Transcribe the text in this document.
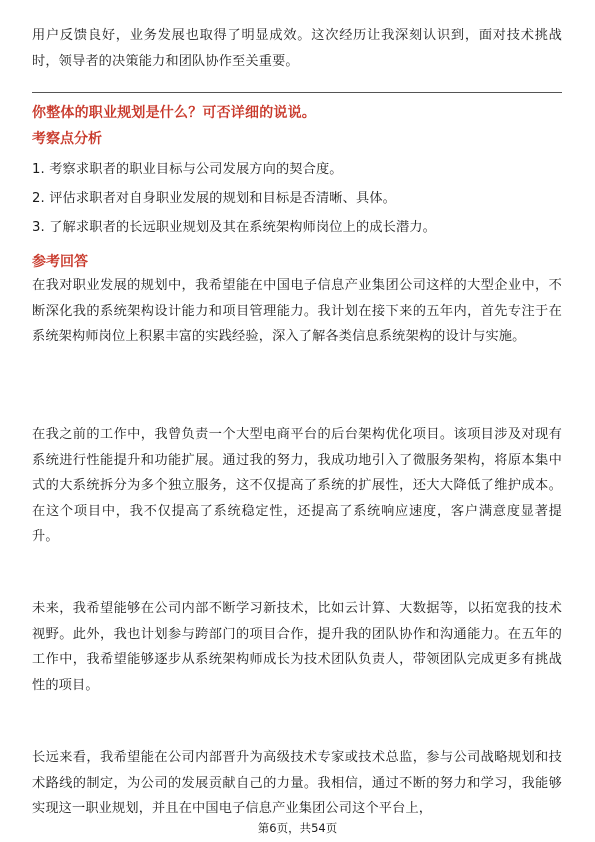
用户反馈良好，业务发展也取得了明显成效。这次经历让我深刻认识到，面对技术挑战时，领导者的决策能力和团队协作至关重要。

你整体的职业规划是什么？可否详细的说说。
考察点分析
1. 考察求职者的职业目标与公司发展方向的契合度。
2. 评估求职者对自身职业发展的规划和目标是否清晰、具体。
3. 了解求职者的长远职业规划及其在系统架构师岗位上的成长潜力。
参考回答

在我对职业发展的规划中，我希望能在中国电子信息产业集团公司这样的大型企业中，不断深化我的系统架构设计能力和项目管理能力。我计划在接下来的五年内，首先专注于在系统架构师岗位上积累丰富的实践经验，深入了解各类信息系统架构的设计与实施。

在我之前的工作中，我曾负责一个大型电商平台的后台架构优化项目。该项目涉及对现有系统进行性能提升和功能扩展。通过我的努力，我成功地引入了微服务架构，将原本集中式的大系统拆分为多个独立服务，这不仅提高了系统的扩展性，还大大降低了维护成本。在这个项目中，我不仅提高了系统稳定性，还提高了系统响应速度，客户满意度显著提升。

未来，我希望能够在公司内部不断学习新技术，比如云计算、大数据等，以拓宽我的技术视野。此外，我也计划参与跨部门的项目合作，提升我的团队协作和沟通能力。在五年的工作中，我希望能够逐步从系统架构师成长为技术团队负责人，带领团队完成更多有挑战性的项目。

长远来看，我希望能在公司内部晋升为高级技术专家或技术总监，参与公司战略规划和技术路线的制定，为公司的发展贡献自己的力量。我相信，通过不断的努力和学习，我能够实现这一职业规划，并且在中国电子信息产业集团公司这个平台上，

第6页，共54页
